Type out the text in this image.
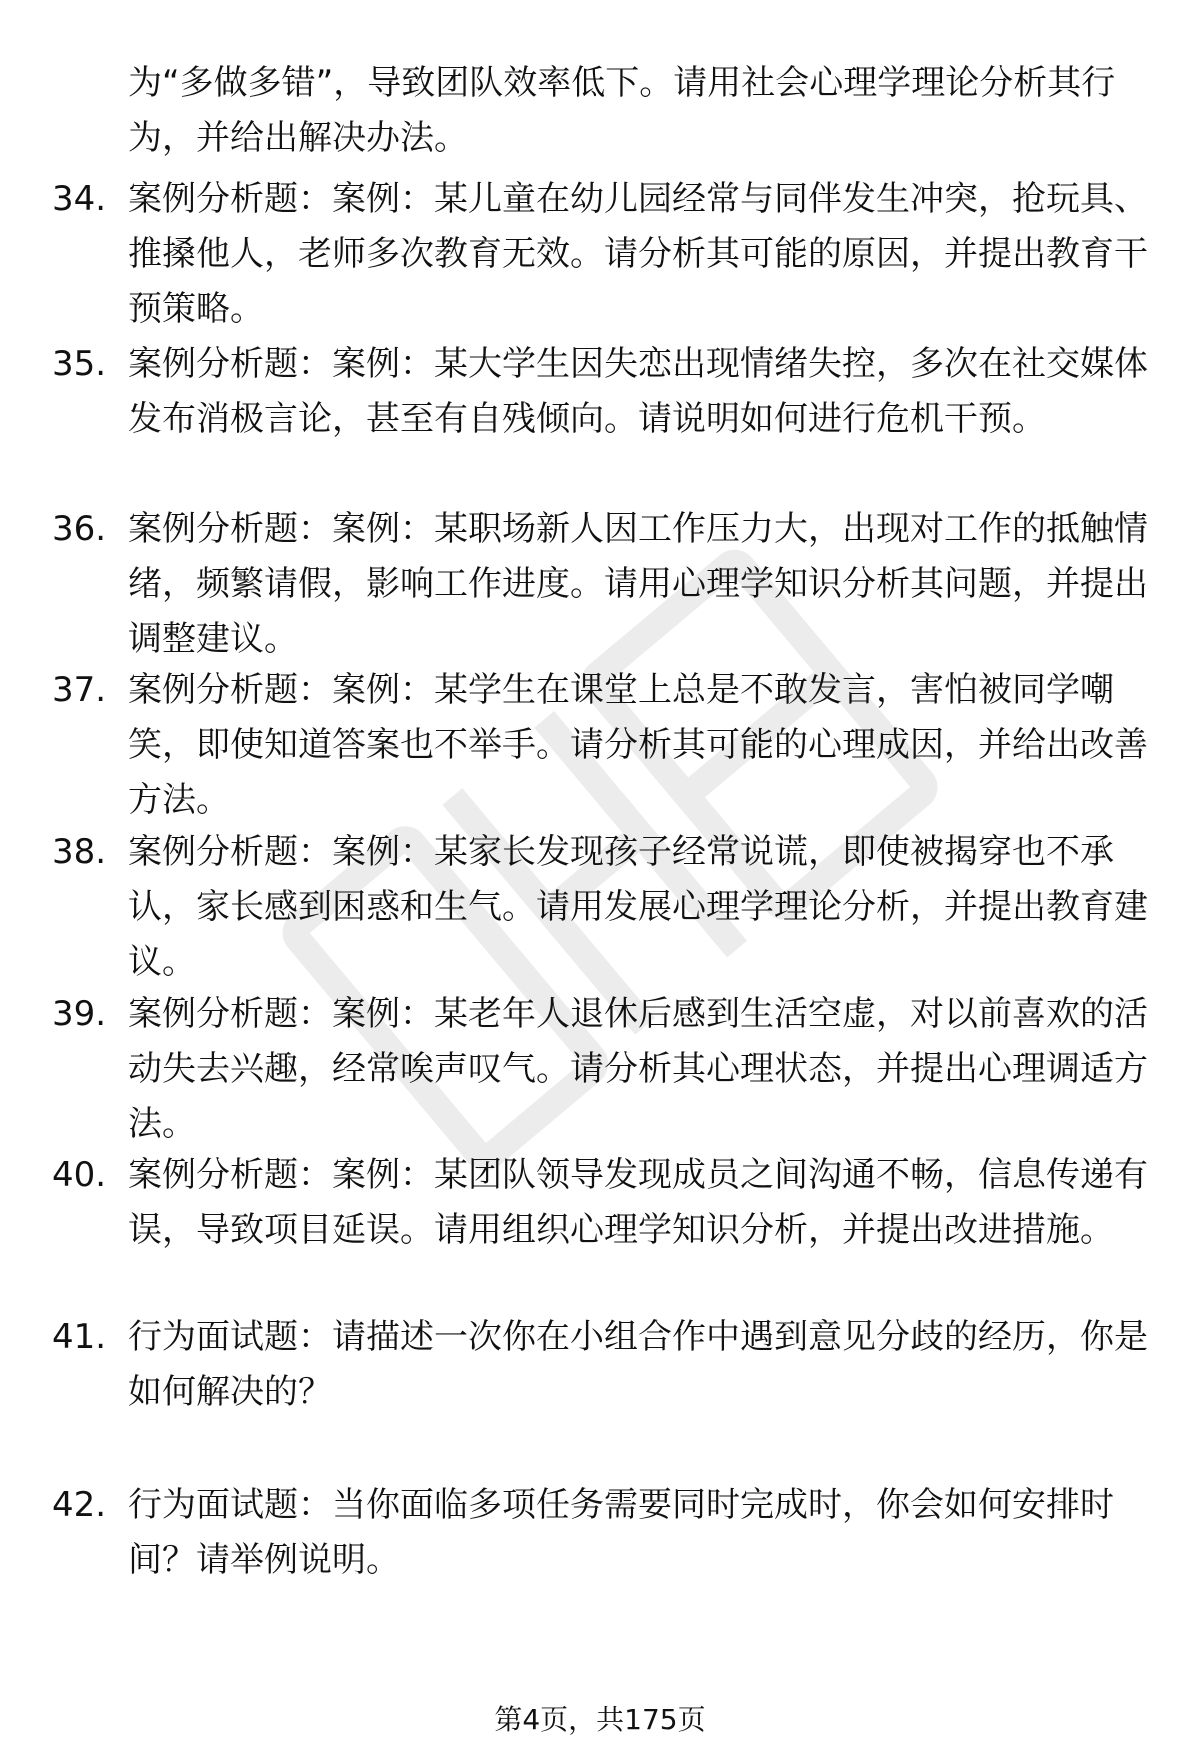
为“多做多错”，导致团队效率低下。请用社会心理学理论分析其行为，并给出解决办法。
34. 案例分析题：案例：某儿童在幼儿园经常与同伴发生冲突，抢玩具、推搡他人，老师多次教育无效。请分析其可能的原因，并提出教育干预策略。
35. 案例分析题：案例：某大学生因失恋出现情绪失控，多次在社交媒体发布消极言论，甚至有自残倾向。请说明如何进行危机干预。
36. 案例分析题：案例：某职场新人因工作压力大，出现对工作的抵触情绪，频繁请假，影响工作进度。请用心理学知识分析其问题，并提出调整建议。
37. 案例分析题：案例：某学生在课堂上总是不敢发言，害怕被同学嘲笑，即使知道答案也不举手。请分析其可能的心理成因，并给出改善方法。
38. 案例分析题：案例：某家长发现孩子经常说谎，即使被揭穿也不承认，家长感到困惑和生气。请用发展心理学理论分析，并提出教育建议。
39. 案例分析题：案例：某老年人退休后感到生活空虚，对以前喜欢的活动失去兴趣，经常唉声叹气。请分析其心理状态，并提出心理调适方法。
40. 案例分析题：案例：某团队领导发现成员之间沟通不畅，信息传递有误，导致项目延误。请用组织心理学知识分析，并提出改进措施。
41. 行为面试题：请描述一次你在小组合作中遇到意见分歧的经历，你是如何解决的？
42. 行为面试题：当你面临多项任务需要同时完成时，你会如何安排时间？请举例说明。
第4页，共175页
